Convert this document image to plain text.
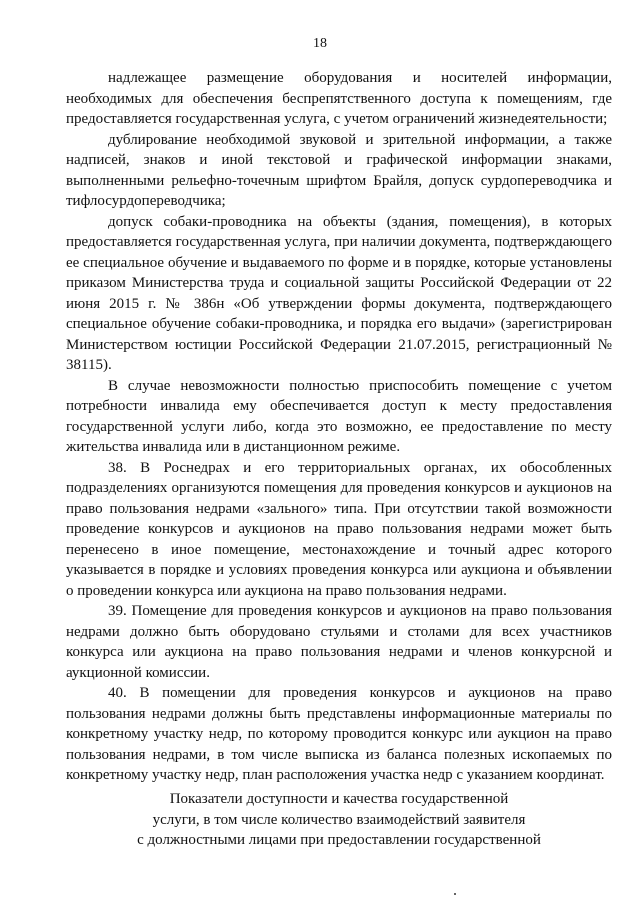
18

надлежащее размещение оборудования и носителей информации, необходимых для обеспечения беспрепятственного доступа к помещениям, где предоставляется государственная услуга, с учетом ограничений жизнедеятельности;

дублирование необходимой звуковой и зрительной информации, а также надписей, знаков и иной текстовой и графической информации знаками, выполненными рельефно-точечным шрифтом Брайля, допуск сурдопереводчика и тифлосурдопереводчика;

допуск собаки-проводника на объекты (здания, помещения), в которых предоставляется государственная услуга, при наличии документа, подтверждающего ее специальное обучение и выдаваемого по форме и в порядке, которые установлены приказом Министерства труда и социальной защиты Российской Федерации от 22 июня 2015 г. № 386н «Об утверждении формы документа, подтверждающего специальное обучение собаки-проводника, и порядка его выдачи» (зарегистрирован Министерством юстиции Российской Федерации 21.07.2015, регистрационный № 38115).

В случае невозможности полностью приспособить помещение с учетом потребности инвалида ему обеспечивается доступ к месту предоставления государственной услуги либо, когда это возможно, ее предоставление по месту жительства инвалида или в дистанционном режиме.

38. В Роснедрах и его территориальных органах, их обособленных подразделениях организуются помещения для проведения конкурсов и аукционов на право пользования недрами «зального» типа. При отсутствии такой возможности проведение конкурсов и аукционов на право пользования недрами может быть перенесено в иное помещение, местонахождение и точный адрес которого указывается в порядке и условиях проведения конкурса или аукциона и объявлении о проведении конкурса или аукциона на право пользования недрами.

39. Помещение для проведения конкурсов и аукционов на право пользования недрами должно быть оборудовано стульями и столами для всех участников конкурса или аукциона на право пользования недрами и членов конкурсной и аукционной комиссии.

40. В помещении для проведения конкурсов и аукционов на право пользования недрами должны быть представлены информационные материалы по конкретному участку недр, по которому проводится конкурс или аукцион на право пользования недрами, в том числе выписка из баланса полезных ископаемых по конкретному участку недр, план расположения участка недр с указанием координат.

Показатели доступности и качества государственной
услуги, в том числе количество взаимодействий заявителя
с должностными лицами при предоставлении государственной
